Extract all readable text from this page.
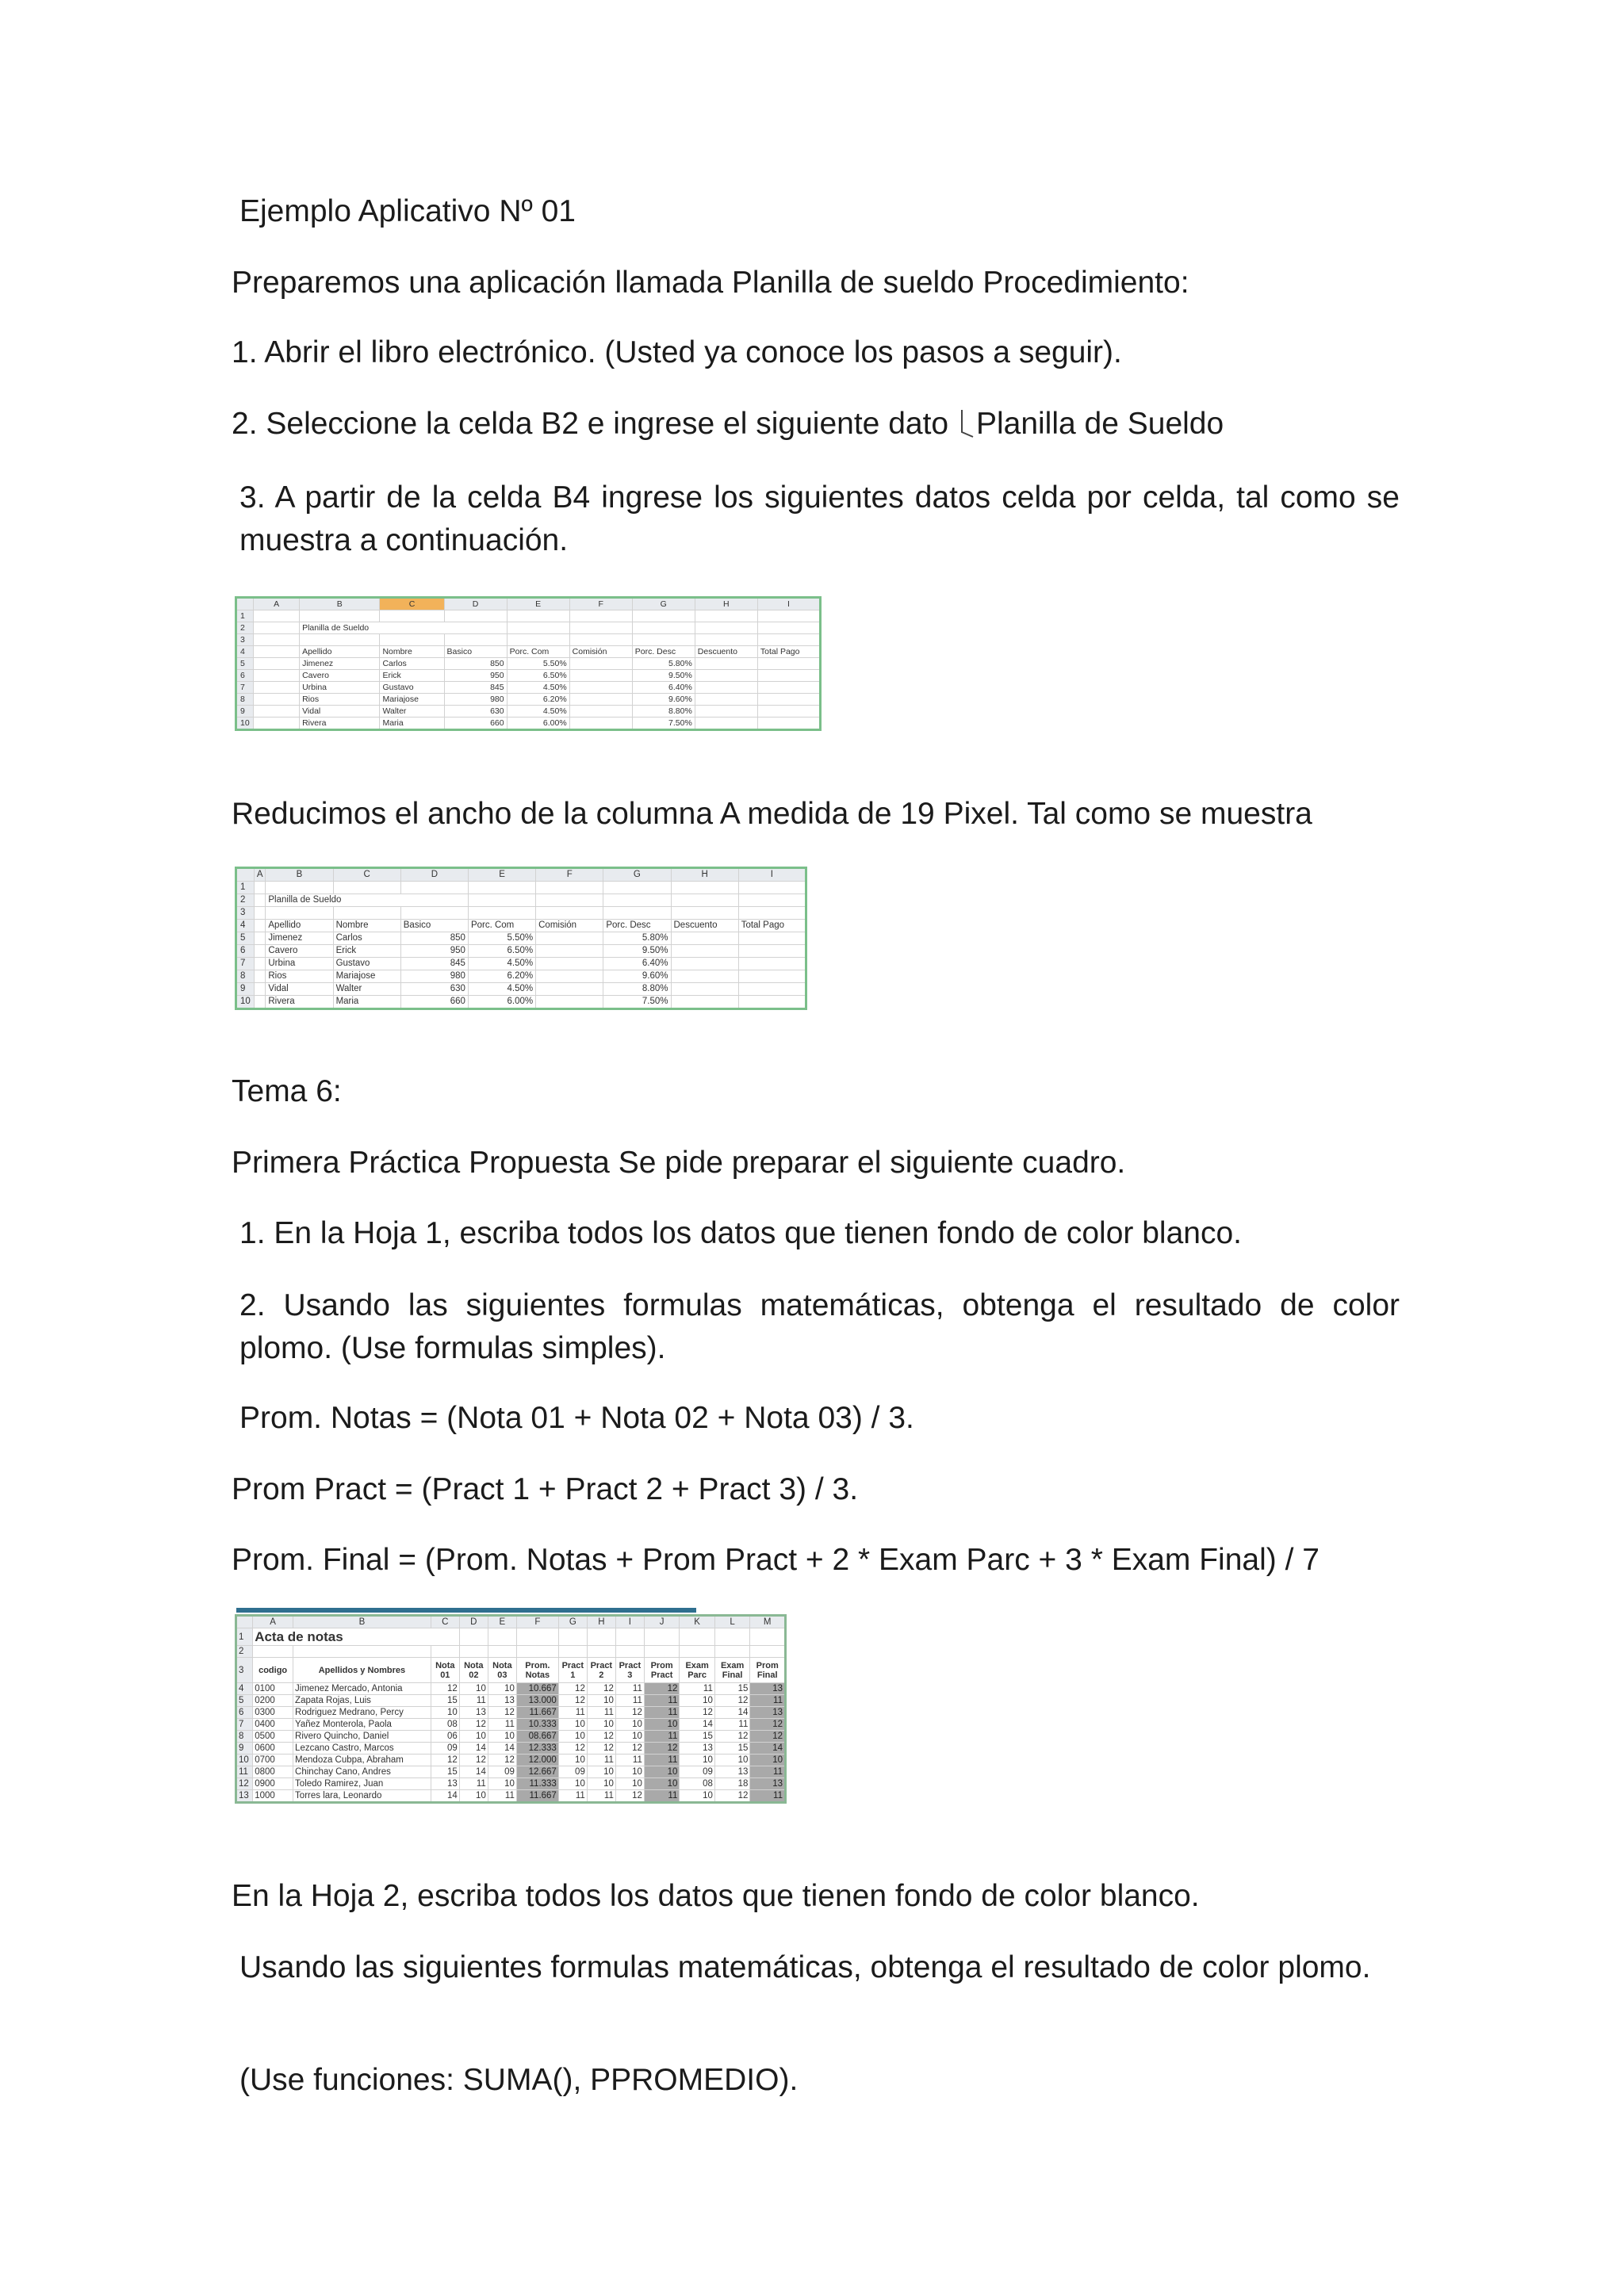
Ejemplo Aplicativo Nº 01

Preparemos una aplicación llamada Planilla de sueldo Procedimiento:

1. Abrir el libro electrónico. (Usted ya conoce los pasos a seguir).

2. Seleccione la celda B2 e ingrese el siguiente dato Planilla de Sueldo

3. A partir de la celda B4 ingrese los siguientes datos celda por celda, tal como se muestra a continuación.

	A	B	C	D	E	F	G	H	I
1									
2		Planilla de Sueldo							
3									
4		Apellido	Nombre	Basico	Porc. Com	Comisión	Porc. Desc	Descuento	Total Pago
5		Jimenez	Carlos	850	5.50%		5.80%		
6		Cavero	Erick	950	6.50%		9.50%		
7		Urbina	Gustavo	845	4.50%		6.40%		
8		Rios	Mariajose	980	6.20%		9.60%		
9		Vidal	Walter	630	4.50%		8.80%		
10		Rivera	Maria	660	6.00%		7.50%		

Reducimos el ancho de la columna A medida de 19 Pixel. Tal como se muestra

	A	B	C	D	E	F	G	H	I
1									
2		Planilla de Sueldo							
3									
4		Apellido	Nombre	Basico	Porc. Com	Comisión	Porc. Desc	Descuento	Total Pago
5		Jimenez	Carlos	850	5.50%		5.80%		
6		Cavero	Erick	950	6.50%		9.50%		
7		Urbina	Gustavo	845	4.50%		6.40%		
8		Rios	Mariajose	980	6.20%		9.60%		
9		Vidal	Walter	630	4.50%		8.80%		
10		Rivera	Maria	660	6.00%		7.50%		

Tema 6:

Primera Práctica Propuesta Se pide preparar el siguiente cuadro.

1. En la Hoja 1, escriba todos los datos que tienen fondo de color blanco.

2. Usando las siguientes formulas matemáticas, obtenga el resultado de color plomo. (Use formulas simples).

Prom. Notas = (Nota 01 + Nota 02 + Nota 03) / 3.

Prom Pract = (Pract 1 + Pract 2 + Pract 3) / 3.

Prom. Final = (Prom. Notas + Prom Pract + 2 * Exam Parc + 3 * Exam Final) / 7

	A	B	C	D	E	F	G	H	I	J	K	L	M
1	Acta de notas												
2													
3	codigo	Apellidos y Nombres	Nota 01	Nota 02	Nota 03	Prom. Notas	Pract 1	Pract 2	Pract 3	Prom Pract	Exam Parc	Exam Final	Prom Final
4	0100	Jimenez Mercado, Antonia	12	10	10	10.667	12	12	11	12	11	15	13
5	0200	Zapata Rojas, Luis	15	11	13	13.000	12	10	11	11	10	12	11
6	0300	Rodriguez Medrano, Percy	10	13	12	11.667	11	11	12	11	12	14	13
7	0400	Yañez Monterola, Paola	08	12	11	10.333	10	10	10	10	14	11	12
8	0500	Rivero Quincho, Daniel	06	10	10	08.667	10	12	10	11	15	12	12
9	0600	Lezcano Castro, Marcos	09	14	14	12.333	12	12	12	12	13	15	14
10	0700	Mendoza Cubpa, Abraham	12	12	12	12.000	10	11	11	11	10	10	10
11	0800	Chinchay Cano, Andres	15	14	09	12.667	09	10	10	10	09	13	11
12	0900	Toledo Ramirez, Juan	13	11	10	11.333	10	10	10	10	08	18	13
13	1000	Torres lara, Leonardo	14	10	11	11.667	11	11	12	11	10	12	11

En la Hoja 2, escriba todos los datos que tienen fondo de color blanco.

Usando las siguientes formulas matemáticas, obtenga el resultado de color plomo.

(Use funciones: SUMA(), PPROMEDIO).
